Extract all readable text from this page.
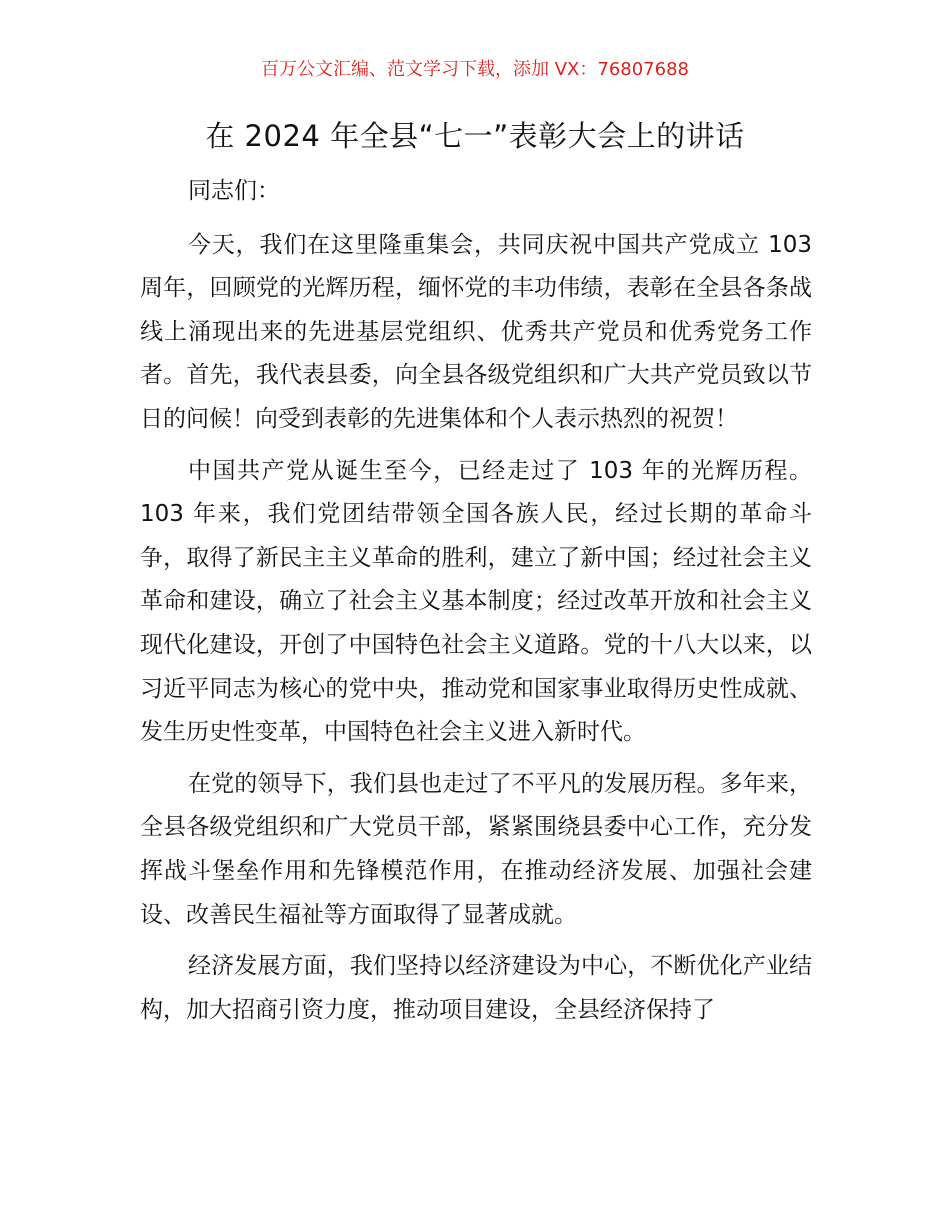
百万公文汇编、范文学习下载，添加 VX：76807688
在 2024 年全县“七一”表彰大会上的讲话

同志们：

今天，我们在这里隆重集会，共同庆祝中国共产党成立 103 周年，回顾党的光辉历程，缅怀党的丰功伟绩，表彰在全县各条战线上涌现出来的先进基层党组织、优秀共产党员和优秀党务工作者。首先，我代表县委，向全县各级党组织和广大共产党员致以节日的问候！向受到表彰的先进集体和个人表示热烈的祝贺！

中国共产党从诞生至今，已经走过了 103 年的光辉历程。103 年来，我们党团结带领全国各族人民，经过长期的革命斗争，取得了新民主主义革命的胜利，建立了新中国；经过社会主义革命和建设，确立了社会主义基本制度；经过改革开放和社会主义现代化建设，开创了中国特色社会主义道路。党的十八大以来，以习近平同志为核心的党中央，推动党和国家事业取得历史性成就、发生历史性变革，中国特色社会主义进入新时代。

在党的领导下，我们县也走过了不平凡的发展历程。多年来，全县各级党组织和广大党员干部，紧紧围绕县委中心工作，充分发挥战斗堡垒作用和先锋模范作用，在推动经济发展、加强社会建设、改善民生福祉等方面取得了显著成就。

经济发展方面，我们坚持以经济建设为中心，不断优化产业结构，加大招商引资力度，推动项目建设，全县经济保持了
